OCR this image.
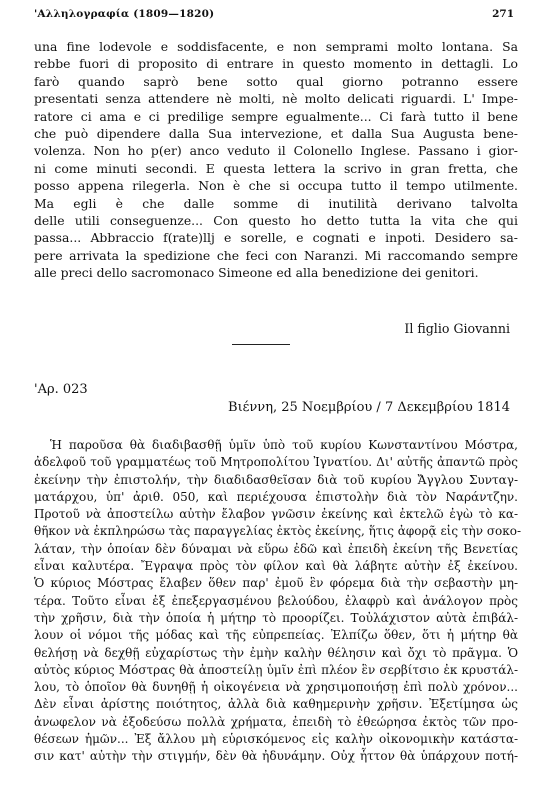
'Αλληλογραφία (1809—1820)	271
una fine lodevole e soddisfacente, e non semprami molto lontana. Sa
rebbe fuori di proposito di entrare in questo momento in dettagli. Lo
farò quando saprò bene sotto qual giorno potranno essere
presentati senza attendere nè molti, nè molto delicati riguardi. L' Impe-
ratore ci ama e ci predilige sempre egualmente... Ci farà tutto il bene
che può dipendere dalla Sua intervezione, et dalla Sua Augusta bene-
volenza. Non ho p(er) anco veduto il Colonello Inglese. Passano i gior-
ni come minuti secondi. E questa lettera la scrivo in gran fretta, che
posso appena rilegerla. Non è che si occupa tutto il tempo utilmente.
Ma egli è che dalle somme di inutilità derivano talvolta
delle utili conseguenze... Con questo ho detto tutta la vita che qui
passa... Abbraccio f(rate)llj e sorelle, e cognati e inpoti. Desidero sa-
pere arrivata la spedizione che feci con Naranzi. Mi raccomando sempre
alle preci dello sacromonaco Simeone ed alla benedizione dei genitori.
Il figlio Giovanni
'Αρ. 023
Βιέννη, 25 Νοεμβρίου / 7 Δεκεμβρίου 1814
Ἡ παροῦσα θὰ διαδιβασθῇ ὑμῖν ὑπὸ τοῦ κυρίου Κωνσταντίνου Μόστρα,
ἀδελφοῦ τοῦ γραμματέως τοῦ Μητροπολίτου Ἰγνατίου. Δι' αὐτῆς ἀπαντῶ πρὸς
ἐκείνην τὴν ἐπιστολήν, τὴν διαδιδασθεῖσαν διὰ τοῦ κυρίου Ἄγγλου Συνταγ-
ματάρχου, ὑπ' ἀριθ. 050, καὶ περιέχουσα ἐπιστολὴν διὰ τὸν Ναράντζην.
Προτοῦ νὰ ἀποστείλω αὐτὴν ἔλαβον γνῶσιν ἐκείνης καὶ ἐκτελῶ ἐγὼ τὸ κα-
θῆκον νὰ ἐκπληρώσω τὰς παραγγελίας ἐκτὸς ἐκείνης, ἥτις ἀφορᾷ εἰς τὴν σοκο-
λάταν, τὴν ὁποίαν δὲν δύναμαι νὰ εὕρω ἐδῶ καὶ ἐπειδὴ ἐκείνη τῆς Βενετίας
εἶναι καλυτέρα. Ἔγραψα πρὸς τὸν φίλον καὶ θὰ λάβητε αὐτὴν ἐξ ἐκείνου.
Ὁ κύριος Μόστρας ἔλαβεν ὅθεν παρ' ἐμοῦ ἓν φόρεμα διὰ τὴν σεβαστὴν μη-
τέρα. Τοῦτο εἶναι ἐξ ἐπεξεργασμένου βελούδου, ἐλαφρὺ καὶ ἀνάλογον πρὸς
τὴν χρῆσιν, διὰ τὴν ὁποία ἡ μήτηρ τὸ προορίζει. Τοὐλάχιστον αὐτὰ ἐπιβάλ-
λουν οἱ νόμοι τῆς μόδας καὶ τῆς εὐπρεπείας. Ἐλπίζω ὅθεν, ὅτι ἡ μήτηρ θὰ
θελήσῃ νὰ δεχθῇ εὐχαρίστως τὴν ἐμὴν καλὴν θέλησιν καὶ ὄχι τὸ πρᾶγμα. Ὁ
αὐτὸς κύριος Μόστρας θὰ ἀποστείλῃ ὑμῖν ἐπὶ πλέον ἓν σερβίτσιο ἐκ κρυστάλ-
λου, τὸ ὁποῖον θὰ δυνηθῇ ἡ οἰκογένεια νὰ χρησιμοποιήσῃ ἐπὶ πολὺ χρόνον...
Δὲν εἶναι ἀρίστης ποιότητος, ἀλλὰ διὰ καθημερινὴν χρῆσιν. Ἐξετίμησα ὡς
ἀνωφελον νὰ ἐξοδεύσω πολλὰ χρήματα, ἐπειδὴ τὸ ἐθεώρησα ἐκτὸς τῶν προ-
θέσεων ἡμῶν... Ἐξ ἄλλου μὴ εὑρισκόμενος εἰς καλὴν οἰκονομικὴν κατάστα-
σιν κατ' αὐτὴν τὴν στιγμήν, δὲν θὰ ἠδυνάμην. Οὐχ ἧττον θὰ ὑπάρχουν ποτή-
